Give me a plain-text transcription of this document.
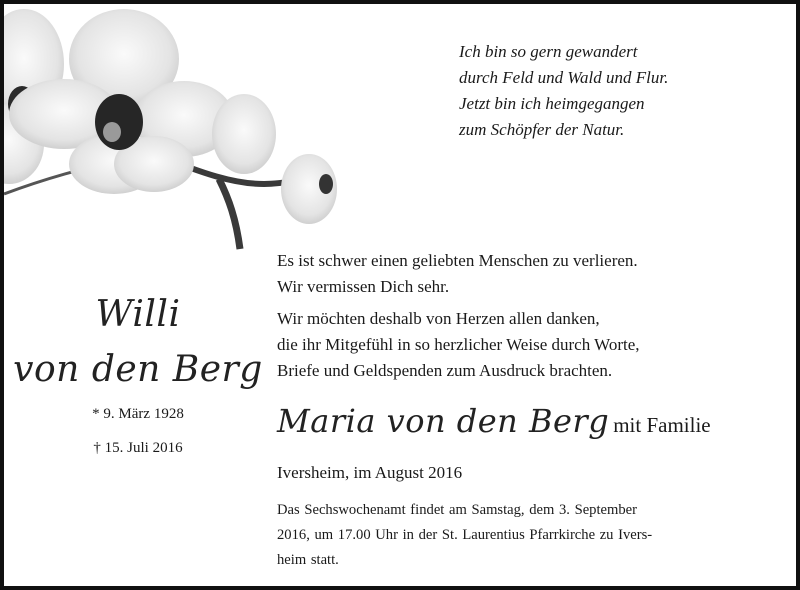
Ich bin so gern gewandert
durch Feld und Wald und Flur.
Jetzt bin ich heimgegangen
zum Schöpfer der Natur.
Willi
von den Berg
* 9. März 1928
† 15. Juli 2016
Es ist schwer einen geliebten Menschen zu verlieren.
Wir vermissen Dich sehr.
Wir möchten deshalb von Herzen allen danken,
die ihr Mitgefühl in so herzlicher Weise durch Worte,
Briefe und Geldspenden zum Ausdruck brachten.
Maria von den Berg mit Familie
Iversheim, im August 2016
Das Sechswochenamt findet am Samstag, dem 3. September
2016, um 17.00 Uhr in der St. Laurentius Pfarrkirche zu Ivers-
heim statt.
